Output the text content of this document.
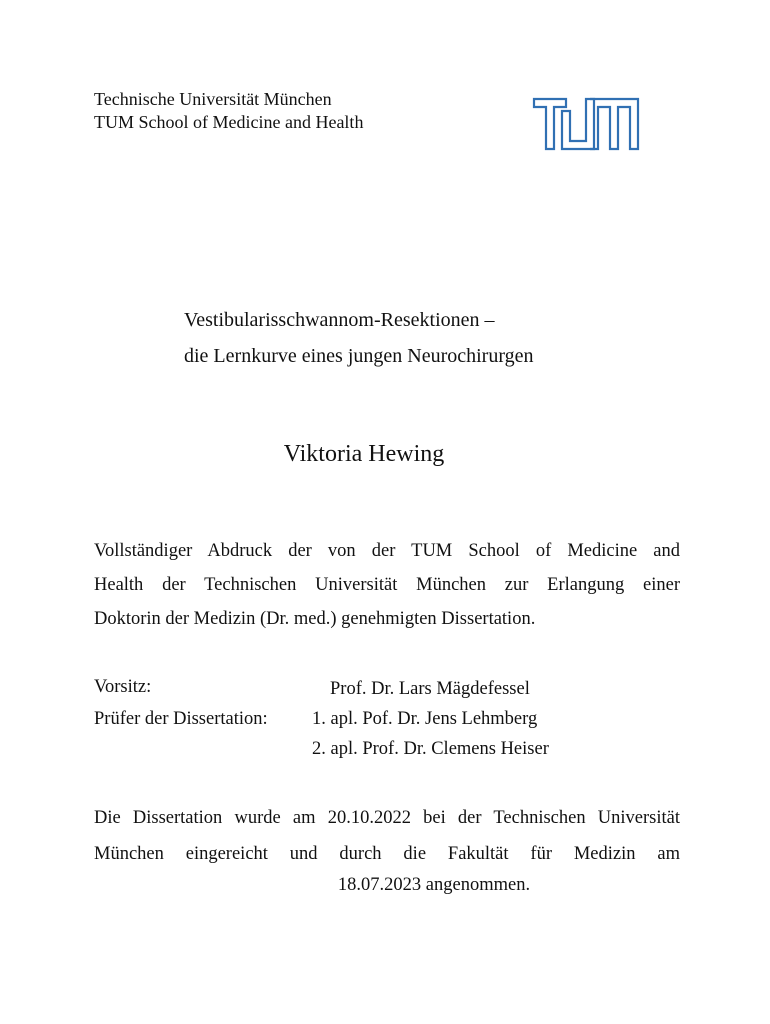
Technische Universität München
TUM School of Medicine and Health
Vestibularisschwannom-Resektionen –
die Lernkurve eines jungen Neurochirurgen
Viktoria Hewing
Vollständiger Abdruck der von der TUM School of Medicine and
Health der Technischen Universität München zur Erlangung einer
Doktorin der Medizin (Dr. med.) genehmigten Dissertation.
Vorsitz:	Prof. Dr. Lars Mägdefessel
Prüfer der Dissertation: 1. apl. Pof. Dr. Jens Lehmberg
2. apl. Prof. Dr. Clemens Heiser
Die Dissertation wurde am 20.10.2022 bei der Technischen Universität
München eingereicht und durch die Fakultät für Medizin am
18.07.2023 angenommen.
